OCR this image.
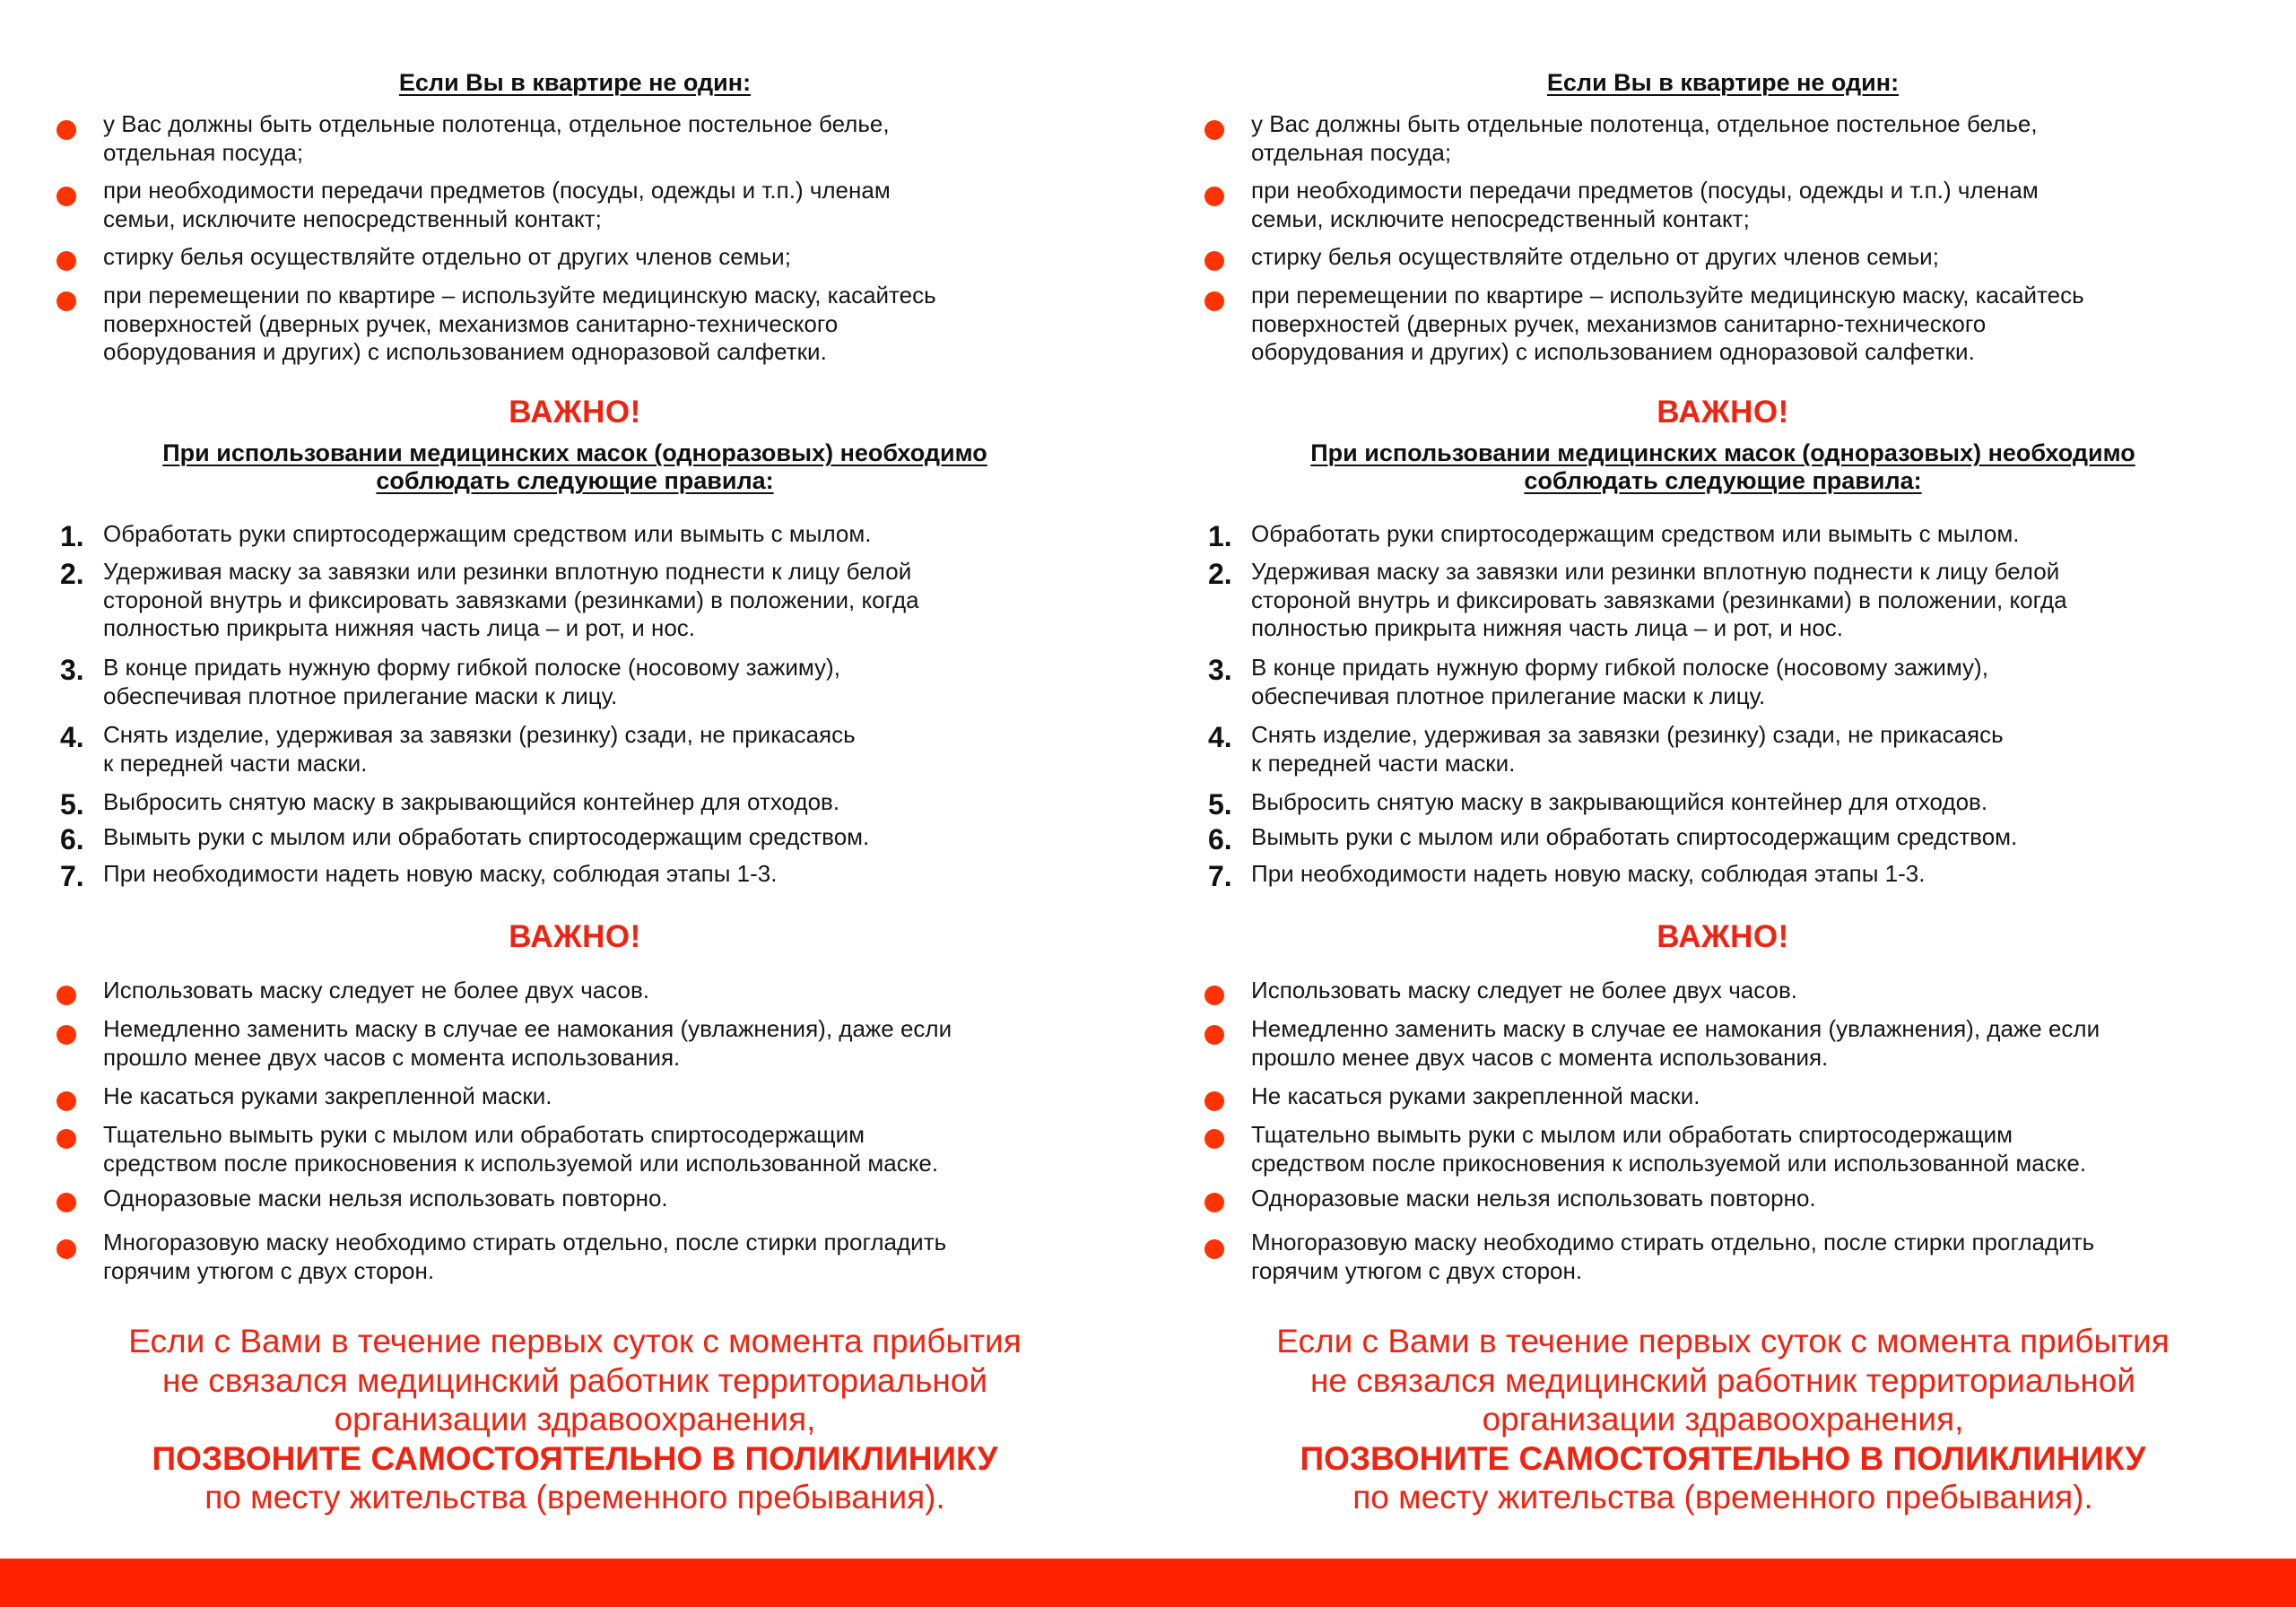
Если Вы в квартире не один:
у Вас должны быть отдельные полотенца, отдельное постельное белье,
отдельная посуда;
при необходимости передачи предметов (посуды, одежды и т.п.) членам
семьи, исключите непосредственный контакт;
стирку белья осуществляйте отдельно от других членов семьи;
при перемещении по квартире – используйте медицинскую маску, касайтесь
поверхностей (дверных ручек, механизмов санитарно-технического
оборудования и других) с использованием одноразовой салфетки.
ВАЖНО!
При использовании медицинских масок (одноразовых) необходимо
соблюдать следующие правила:
1. Обработать руки спиртосодержащим средством или вымыть с мылом.
2. Удерживая маску за завязки или резинки вплотную поднести к лицу белой
стороной внутрь и фиксировать завязками (резинками) в положении, когда
полностью прикрыта нижняя часть лица – и рот, и нос.
3. В конце придать нужную форму гибкой полоске (носовому зажиму),
обеспечивая плотное прилегание маски к лицу.
4. Снять изделие, удерживая за завязки (резинку) сзади, не прикасаясь
к передней части маски.
5. Выбросить снятую маску в закрывающийся контейнер для отходов.
6. Вымыть руки с мылом или обработать спиртосодержащим средством.
7. При необходимости надеть новую маску, соблюдая этапы 1-3.
ВАЖНО!
Использовать маску следует не более двух часов.
Немедленно заменить маску в случае ее намокания (увлажнения), даже если
прошло менее двух часов с момента использования.
Не касаться руками закрепленной маски.
Тщательно вымыть руки с мылом или обработать спиртосодержащим
средством после прикосновения к используемой или использованной маске.
Одноразовые маски нельзя использовать повторно.
Многоразовую маску необходимо стирать отдельно, после стирки прогладить
горячим утюгом с двух сторон.
Если с Вами в течение первых суток с момента прибытия
не связался медицинский работник территориальной
организации здравоохранения,
ПОЗВОНИТЕ САМОСТОЯТЕЛЬНО В ПОЛИКЛИНИКУ
по месту жительства (временного пребывания).
Если Вы в квартире не один:
у Вас должны быть отдельные полотенца, отдельное постельное белье,
отдельная посуда;
при необходимости передачи предметов (посуды, одежды и т.п.) членам
семьи, исключите непосредственный контакт;
стирку белья осуществляйте отдельно от других членов семьи;
при перемещении по квартире – используйте медицинскую маску, касайтесь
поверхностей (дверных ручек, механизмов санитарно-технического
оборудования и других) с использованием одноразовой салфетки.
ВАЖНО!
При использовании медицинских масок (одноразовых) необходимо
соблюдать следующие правила:
1. Обработать руки спиртосодержащим средством или вымыть с мылом.
2. Удерживая маску за завязки или резинки вплотную поднести к лицу белой
стороной внутрь и фиксировать завязками (резинками) в положении, когда
полностью прикрыта нижняя часть лица – и рот, и нос.
3. В конце придать нужную форму гибкой полоске (носовому зажиму),
обеспечивая плотное прилегание маски к лицу.
4. Снять изделие, удерживая за завязки (резинку) сзади, не прикасаясь
к передней части маски.
5. Выбросить снятую маску в закрывающийся контейнер для отходов.
6. Вымыть руки с мылом или обработать спиртосодержащим средством.
7. При необходимости надеть новую маску, соблюдая этапы 1-3.
ВАЖНО!
Использовать маску следует не более двух часов.
Немедленно заменить маску в случае ее намокания (увлажнения), даже если
прошло менее двух часов с момента использования.
Не касаться руками закрепленной маски.
Тщательно вымыть руки с мылом или обработать спиртосодержащим
средством после прикосновения к используемой или использованной маске.
Одноразовые маски нельзя использовать повторно.
Многоразовую маску необходимо стирать отдельно, после стирки прогладить
горячим утюгом с двух сторон.
Если с Вами в течение первых суток с момента прибытия
не связался медицинский работник территориальной
организации здравоохранения,
ПОЗВОНИТЕ САМОСТОЯТЕЛЬНО В ПОЛИКЛИНИКУ
по месту жительства (временного пребывания).
